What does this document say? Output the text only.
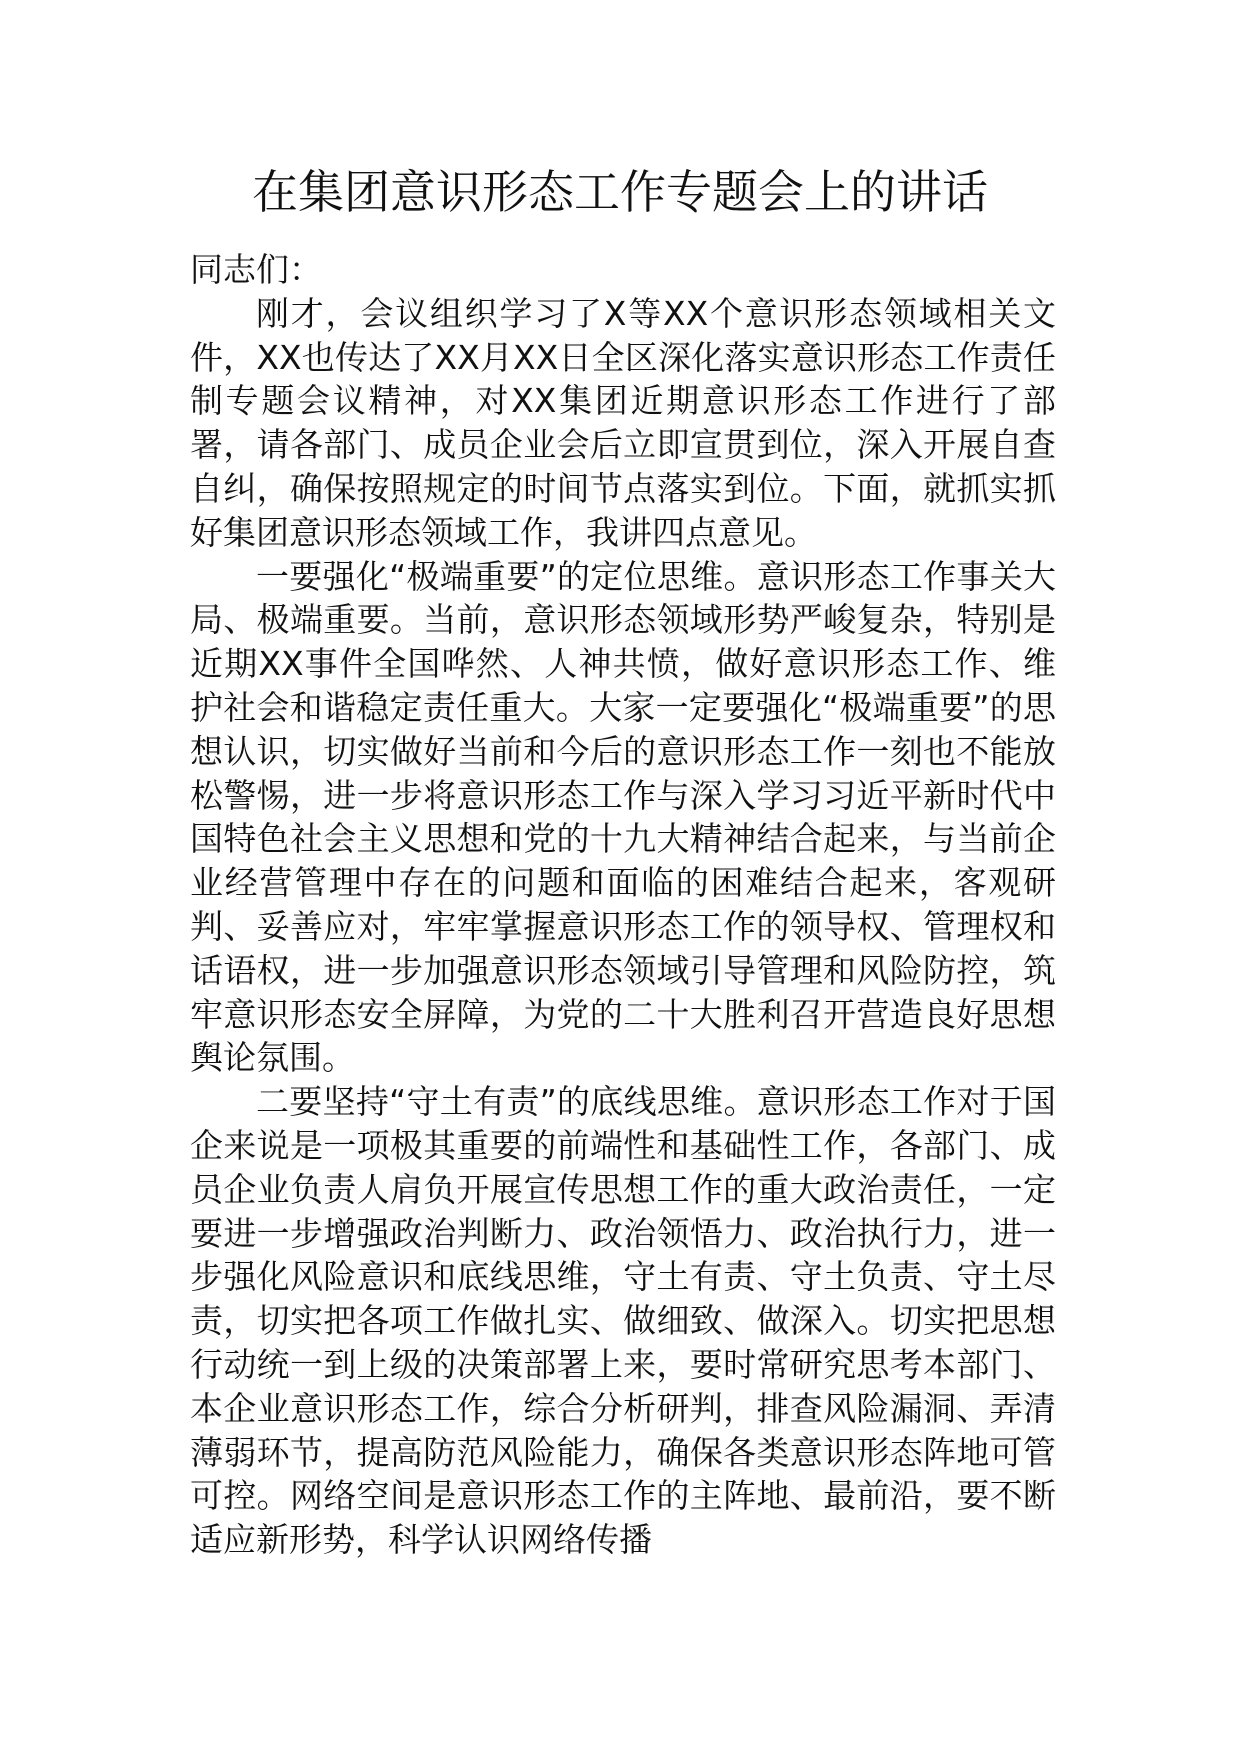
在集团意识形态工作专题会上的讲话

同志们：

刚才，会议组织学习了X等XX个意识形态领域相关文件，XX也传达了XX月XX日全区深化落实意识形态工作责任制专题会议精神，对XX集团近期意识形态工作进行了部署，请各部门、成员企业会后立即宣贯到位，深入开展自查自纠，确保按照规定的时间节点落实到位。下面，就抓实抓好集团意识形态领域工作，我讲四点意见。

一要强化“极端重要”的定位思维。意识形态工作事关大局、极端重要。当前，意识形态领域形势严峻复杂，特别是近期XX事件全国哗然、人神共愤，做好意识形态工作、维护社会和谐稳定责任重大。大家一定要强化“极端重要”的思想认识，切实做好当前和今后的意识形态工作一刻也不能放松警惕，进一步将意识形态工作与深入学习习近平新时代中国特色社会主义思想和党的十九大精神结合起来，与当前企业经营管理中存在的问题和面临的困难结合起来，客观研判、妥善应对，牢牢掌握意识形态工作的领导权、管理权和话语权，进一步加强意识形态领域引导管理和风险防控，筑牢意识形态安全屏障，为党的二十大胜利召开营造良好思想舆论氛围。

二要坚持“守土有责”的底线思维。意识形态工作对于国企来说是一项极其重要的前端性和基础性工作，各部门、成员企业负责人肩负开展宣传思想工作的重大政治责任，一定要进一步增强政治判断力、政治领悟力、政治执行力，进一步强化风险意识和底线思维，守土有责、守土负责、守土尽责，切实把各项工作做扎实、做细致、做深入。切实把思想行动统一到上级的决策部署上来，要时常研究思考本部门、本企业意识形态工作，综合分析研判，排查风险漏洞、弄清薄弱环节，提高防范风险能力，确保各类意识形态阵地可管可控。网络空间是意识形态工作的主阵地、最前沿，要不断适应新形势，科学认识网络传播
